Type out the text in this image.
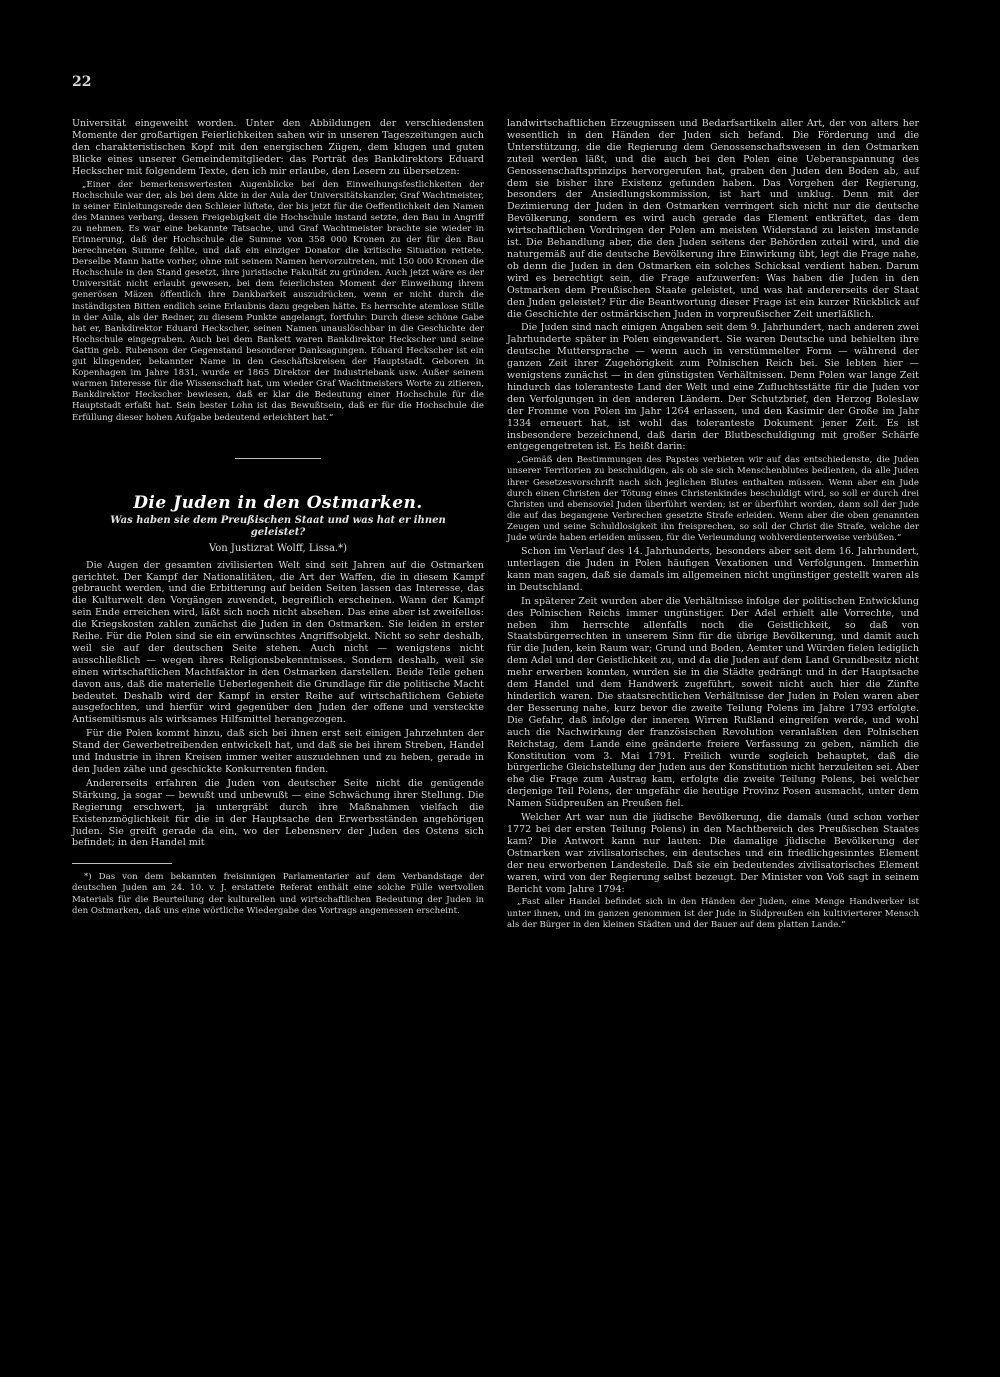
22

Universität eingeweiht worden. Unter den Abbildungen der verschiedensten Momente der großartigen Feierlichkeiten sahen wir in unseren Tageszeitungen auch den charakteristischen Kopf mit den energischen Zügen, dem klugen und guten Blicke eines unserer Gemeindemitglieder: das Porträt des Bankdirektors Eduard Heckscher mit folgendem Texte, den ich mir erlaube, den Lesern zu übersetzen:

„Einer der bemerkenswertesten Augenblicke bei den Einweihungsfestlichkeiten der Hochschule war der, als bei dem Akte in der Aula der Universitätskanzler, Graf Wachtmeister, in seiner Einleitungsrede den Schleier lüftete, der bis jetzt für die Oeffentlichkeit den Namen des Mannes verbarg, dessen Freigebigkeit die Hochschule instand setzte, den Bau in Angriff zu nehmen. Es war eine bekannte Tatsache, und Graf Wachtmeister brachte sie wieder in Erinnerung, daß der Hochschule die Summe von 358 000 Kronen zu der für den Bau berechneten Summe fehlte, und daß ein einziger Donator die kritische Situation rettete. Derselbe Mann hatte vorher, ohne mit seinem Namen hervorzutreten, mit 150 000 Kronen die Hochschule in den Stand gesetzt, ihre juristische Fakultät zu gründen. Auch jetzt wäre es der Universität nicht erlaubt gewesen, bei dem feierlichsten Moment der Einweihung ihrem generösen Mäzen öffentlich ihre Dankbarkeit auszudrücken, wenn er nicht durch die inständigsten Bitten endlich seine Erlaubnis dazu gegeben hätte. Es herrschte atemlose Stille in der Aula, als der Redner, zu diesem Punkte angelangt, fortfuhr: Durch diese schöne Gabe hat er, Bankdirektor Eduard Heckscher, seinen Namen unauslöschbar in die Geschichte der Hochschule eingegraben. Auch bei dem Bankett waren Bankdirektor Heckscher und seine Gattin geb. Rubenson der Gegenstand besonderer Danksagungen. Eduard Heckscher ist ein gut klingender, bekannter Name in den Geschäftskreisen der Hauptstadt. Geboren in Kopenhagen im Jahre 1831, wurde er 1865 Direktor der Industriebank usw. Außer seinem warmen Interesse für die Wissenschaft hat, um wieder Graf Wachtmeisters Worte zu zitieren, Bankdirektor Heckscher bewiesen, daß er klar die Bedeutung einer Hochschule für die Hauptstadt erfaßt hat. Sein bester Lohn ist das Bewußtsein, daß er für die Hochschule die Erfüllung dieser hohen Aufgabe bedeutend erleichtert hat.“

Die Juden in den Ostmarken.
Was haben sie dem Preußischen Staat und was hat er ihnen geleistet?
Von Justizrat Wolff, Lissa.*)

Die Augen der gesamten zivilisierten Welt sind seit Jahren auf die Ostmarken gerichtet. Der Kampf der Nationalitäten, die Art der Waffen, die in diesem Kampf gebraucht werden, und die Erbitterung auf beiden Seiten lassen das Interesse, das die Kulturwelt den Vorgängen zuwendet, begreiflich erscheinen. Wann der Kampf sein Ende erreichen wird, läßt sich noch nicht absehen. Das eine aber ist zweifellos: die Kriegskosten zahlen zunächst die Juden in den Ostmarken. Sie leiden in erster Reihe. Für die Polen sind sie ein erwünschtes Angriffsobjekt. Nicht so sehr deshalb, weil sie auf der deutschen Seite stehen. Auch nicht — wenigstens nicht ausschließlich — wegen ihres Religionsbekenntnisses. Sondern deshalb, weil sie einen wirtschaftlichen Machtfaktor in den Ostmarken darstellen. Beide Teile gehen davon aus, daß die materielle Ueberlegenheit die Grundlage für die politische Macht bedeutet. Deshalb wird der Kampf in erster Reihe auf wirtschaftlichem Gebiete ausgefochten, und hierfür wird gegenüber den Juden der offene und versteckte Antisemitismus als wirksames Hilfsmittel herangezogen.

Für die Polen kommt hinzu, daß sich bei ihnen erst seit einigen Jahrzehnten der Stand der Gewerbetreibenden entwickelt hat, und daß sie bei ihrem Streben, Handel und Industrie in ihren Kreisen immer weiter auszudehnen und zu heben, gerade in den Juden zähe und geschickte Konkurrenten finden.

Andererseits erfahren die Juden von deutscher Seite nicht die genügende Stärkung, ja sogar — bewußt und unbewußt — eine Schwächung ihrer Stellung. Die Regierung erschwert, ja untergräbt durch ihre Maßnahmen vielfach die Existenzmöglichkeit für die in der Hauptsache den Erwerbsständen angehörigen Juden. Sie greift gerade da ein, wo der Lebensnerv der Juden des Ostens sich befindet; in den Handel mit

*) Das von dem bekannten freisinnigen Parlamentarier auf dem Verbandstage der deutschen Juden am 24. 10. v. J. erstattete Referat enthält eine solche Fülle wertvollen Materials für die Beurteilung der kulturellen und wirtschaftlichen Bedeutung der Juden in den Ostmarken, daß uns eine wörtliche Wiedergabe des Vortrags angemessen erscheint.

landwirtschaftlichen Erzeugnissen und Bedarfsartikeln aller Art, der von alters her wesentlich in den Händen der Juden sich befand. Die Förderung und die Unterstützung, die die Regierung dem Genossenschaftswesen in den Ostmarken zuteil werden läßt, und die auch bei den Polen eine Ueberanspannung des Genossenschaftsprinzips hervorgerufen hat, graben den Juden den Boden ab, auf dem sie bisher ihre Existenz gefunden haben. Das Vorgehen der Regierung, besonders der Ansiedlungskommission, ist hart und unklug. Denn mit der Dezimierung der Juden in den Ostmarken verringert sich nicht nur die deutsche Bevölkerung, sondern es wird auch gerade das Element entkräftet, das dem wirtschaftlichen Vordringen der Polen am meisten Widerstand zu leisten imstande ist. Die Behandlung aber, die den Juden seitens der Behörden zuteil wird, und die naturgemäß auf die deutsche Bevölkerung ihre Einwirkung übt, legt die Frage nahe, ob denn die Juden in den Ostmarken ein solches Schicksal verdient haben. Darum wird es berechtigt sein, die Frage aufzuwerfen: Was haben die Juden in den Ostmarken dem Preußischen Staate geleistet, und was hat andererseits der Staat den Juden geleistet? Für die Beantwortung dieser Frage ist ein kurzer Rückblick auf die Geschichte der ostmärkischen Juden in vorpreußischer Zeit unerläßlich.

Die Juden sind nach einigen Angaben seit dem 9. Jahrhundert, nach anderen zwei Jahrhunderte später in Polen eingewandert. Sie waren Deutsche und behielten ihre deutsche Muttersprache — wenn auch in verstümmelter Form — während der ganzen Zeit ihrer Zugehörigkeit zum Polnischen Reich bei. Sie lebten hier — wenigstens zunächst — in den günstigsten Verhältnissen. Denn Polen war lange Zeit hindurch das toleranteste Land der Welt und eine Zufluchtsstätte für die Juden vor den Verfolgungen in den anderen Ländern. Der Schutzbrief, den Herzog Boleslaw der Fromme von Polen im Jahr 1264 erlassen, und den Kasimir der Große im Jahr 1334 erneuert hat, ist wohl das toleranteste Dokument jener Zeit. Es ist insbesondere bezeichnend, daß darin der Blutbeschuldigung mit großer Schärfe entgegengetreten ist. Es heißt darin:

„Gemäß den Bestimmungen des Papstes verbieten wir auf das entschiedenste, die Juden unserer Territorien zu beschuldigen, als ob sie sich Menschenblutes bedienten, da alle Juden ihrer Gesetzesvorschrift nach sich jeglichen Blutes enthalten müssen. Wenn aber ein Jude durch einen Christen der Tötung eines Christenkindes beschuldigt wird, so soll er durch drei Christen und ebensoviel Juden überführt werden; ist er überführt worden, dann soll der Jude die auf das begangene Verbrechen gesetzte Strafe erleiden. Wenn aber die oben genannten Zeugen und seine Schuldlosigkeit ihn freisprechen, so soll der Christ die Strafe, welche der Jude würde haben erleiden müssen, für die Verleumdung wohlverdienterweise verbüßen.“

Schon im Verlauf des 14. Jahrhunderts, besonders aber seit dem 16. Jahrhundert, unterlagen die Juden in Polen häufigen Vexationen und Verfolgungen. Immerhin kann man sagen, daß sie damals im allgemeinen nicht ungünstiger gestellt waren als in Deutschland.

In späterer Zeit wurden aber die Verhältnisse infolge der politischen Entwicklung des Polnischen Reichs immer ungünstiger. Der Adel erhielt alle Vorrechte, und neben ihm herrschte allenfalls noch die Geistlichkeit, so daß von Staatsbürgerrechten in unserem Sinn für die übrige Bevölkerung, und damit auch für die Juden, kein Raum war; Grund und Boden, Aemter und Würden fielen lediglich dem Adel und der Geistlichkeit zu, und da die Juden auf dem Land Grundbesitz nicht mehr erwerben konnten, wurden sie in die Städte gedrängt und in der Hauptsache dem Handel und dem Handwerk zugeführt, soweit nicht auch hier die Zünfte hinderlich waren. Die staatsrechtlichen Verhältnisse der Juden in Polen waren aber der Besserung nahe, kurz bevor die zweite Teilung Polens im Jahre 1793 erfolgte. Die Gefahr, daß infolge der inneren Wirren Rußland eingreifen werde, und wohl auch die Nachwirkung der französischen Revolution veranlaßten den Polnischen Reichstag, dem Lande eine geänderte freiere Verfassung zu geben, nämlich die Konstitution vom 3. Mai 1791. Freilich wurde sogleich behauptet, daß die bürgerliche Gleichstellung der Juden aus der Konstitution nicht herzuleiten sei. Aber ehe die Frage zum Austrag kam, erfolgte die zweite Teilung Polens, bei welcher derjenige Teil Polens, der ungefähr die heutige Provinz Posen ausmacht, unter dem Namen Südpreußen an Preußen fiel.

Welcher Art war nun die jüdische Bevölkerung, die damals (und schon vorher 1772 bei der ersten Teilung Polens) in den Machtbereich des Preußischen Staates kam? Die Antwort kann nur lauten: Die damalige jüdische Bevölkerung der Ostmarken war zivilisatorisches, ein deutsches und ein friedlichgesinntes Element der neu erworbenen Landesteile. Daß sie ein bedeutendes zivilisatorisches Element waren, wird von der Regierung selbst bezeugt. Der Minister von Voß sagt in seinem Bericht vom Jahre 1794:

„Fast aller Handel befindet sich in den Händen der Juden, eine Menge Handwerker ist unter ihnen, und im ganzen genommen ist der Jude in Südpreußen ein kultivierterer Mensch als der Bürger in den kleinen Städten und der Bauer auf dem platten Lande.“
